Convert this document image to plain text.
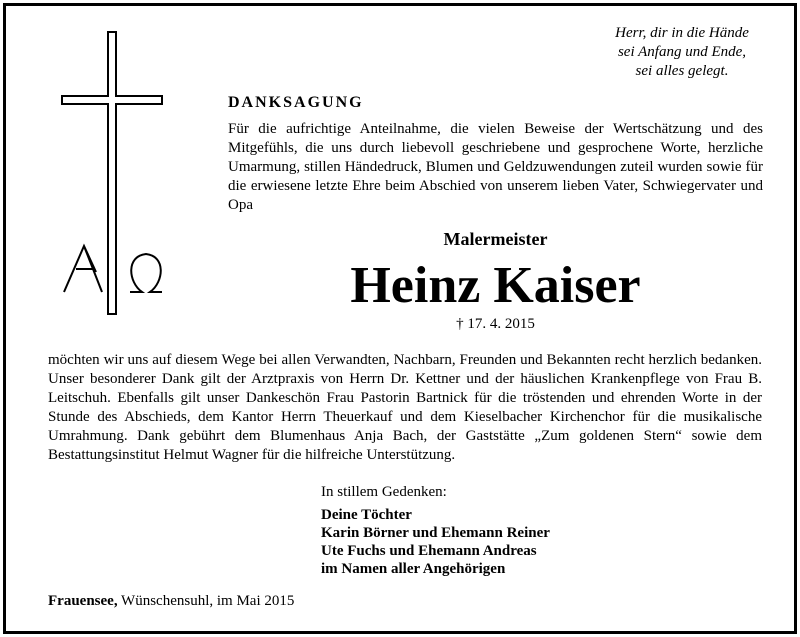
Herr, dir in die Hände
sei Anfang und Ende,
sei alles gelegt.
DANKSAGUNG
Für die aufrichtige Anteilnahme, die vielen Beweise der Wertschätzung und des Mitgefühls, die uns durch liebevoll geschriebene und gesprochene Worte, herzliche Umarmung, stillen Händedruck, Blumen und Geldzuwendungen zuteil wurden sowie für die erwiesene letzte Ehre beim Abschied von unserem lieben Vater, Schwiegervater und Opa
Malermeister
Heinz Kaiser
† 17. 4. 2015
möchten wir uns auf diesem Wege bei allen Verwandten, Nachbarn, Freunden und Bekannten recht herzlich bedanken. Unser besonderer Dank gilt der Arztpraxis von Herrn Dr. Kettner und der häuslichen Krankenpflege von Frau B. Leitschuh. Ebenfalls gilt unser Dankeschön Frau Pastorin Bartnick für die tröstenden und ehrenden Worte in der Stunde des Abschieds, dem Kantor Herrn Theuerkauf und dem Kieselbacher Kirchenchor für die musikalische Umrahmung. Dank gebührt dem Blumenhaus Anja Bach, der Gaststätte „Zum goldenen Stern“ sowie dem Bestattungsinstitut Helmut Wagner für die hilfreiche Unterstützung.
In stillem Gedenken:
Deine Töchter
Karin Börner und Ehemann Reiner
Ute Fuchs und Ehemann Andreas
im Namen aller Angehörigen
Frauensee, Wünschensuhl, im Mai 2015
